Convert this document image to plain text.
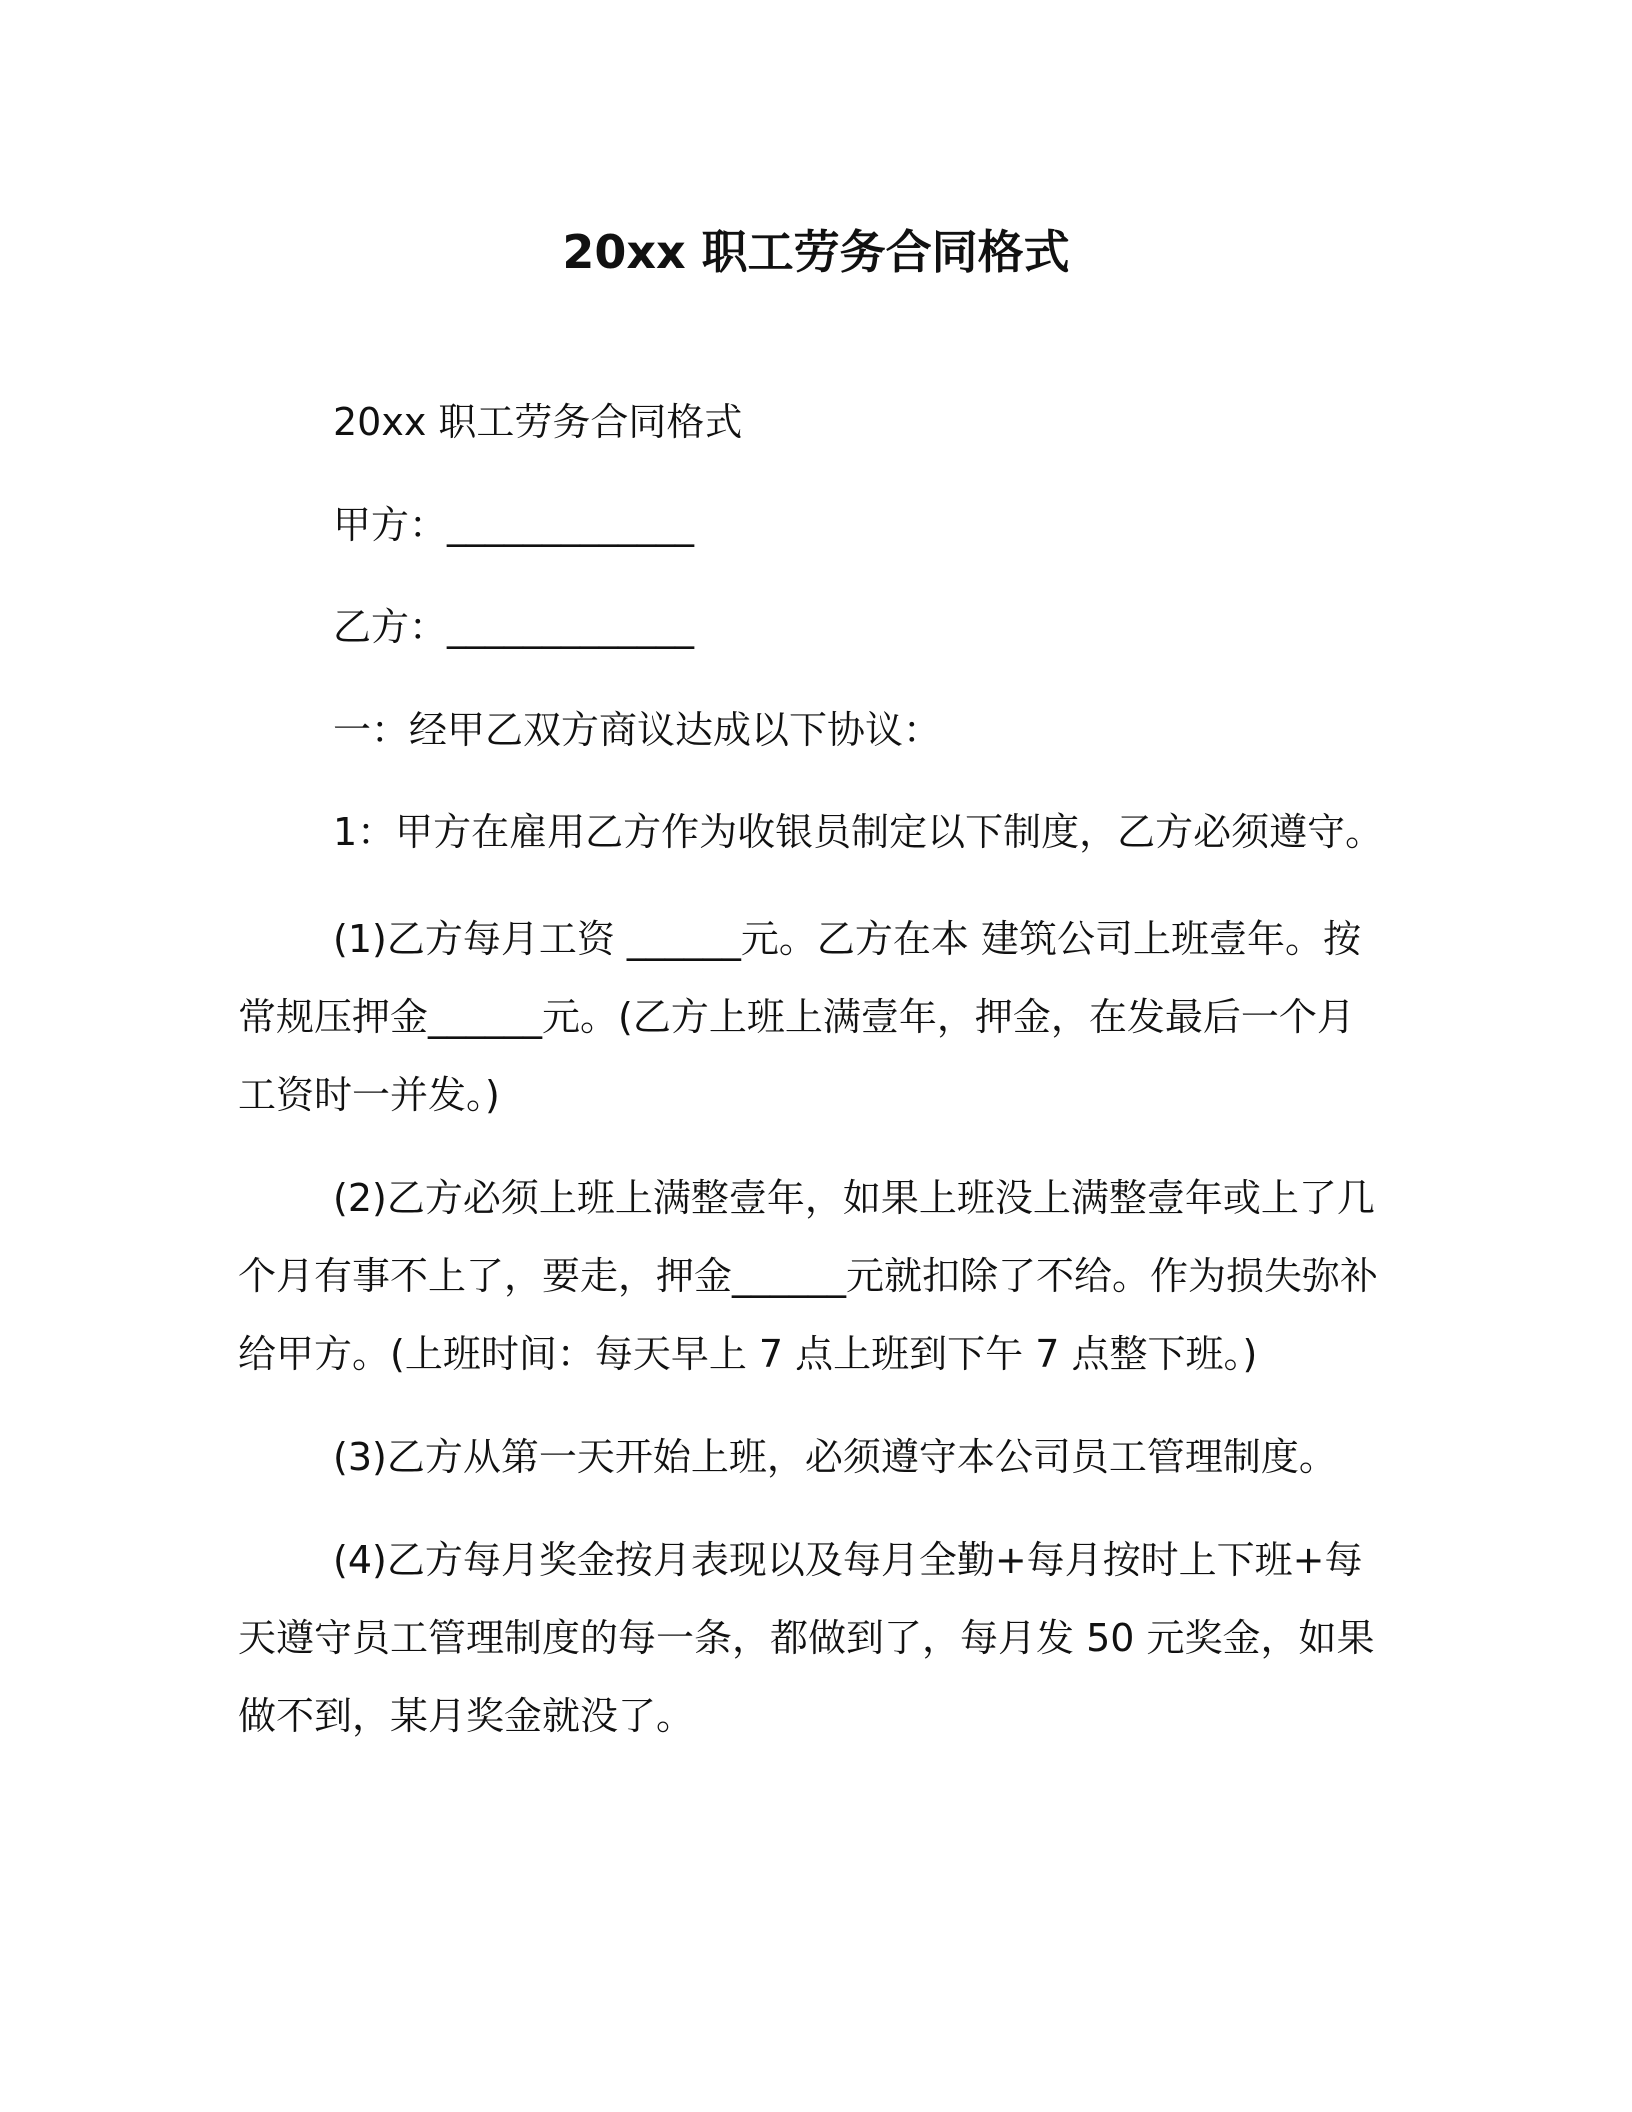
20xx 职工劳务合同格式

20xx 职工劳务合同格式

甲方：_____________

乙方：_____________

一：经甲乙双方商议达成以下协议：

1：甲方在雇用乙方作为收银员制定以下制度，乙方必须遵守。

(1)乙方每月工资 ______元。乙方在本 建筑公司上班壹年。按常规压押金______元。(乙方上班上满壹年，押金，在发最后一个月工资时一并发。)

(2)乙方必须上班上满整壹年，如果上班没上满整壹年或上了几个月有事不上了，要走，押金______元就扣除了不给。作为损失弥补给甲方。(上班时间：每天早上 7 点上班到下午 7 点整下班。)

(3)乙方从第一天开始上班，必须遵守本公司员工管理制度。

(4)乙方每月奖金按月表现以及每月全勤+每月按时上下班+每天遵守员工管理制度的每一条，都做到了，每月发 50 元奖金，如果做不到，某月奖金就没了。
